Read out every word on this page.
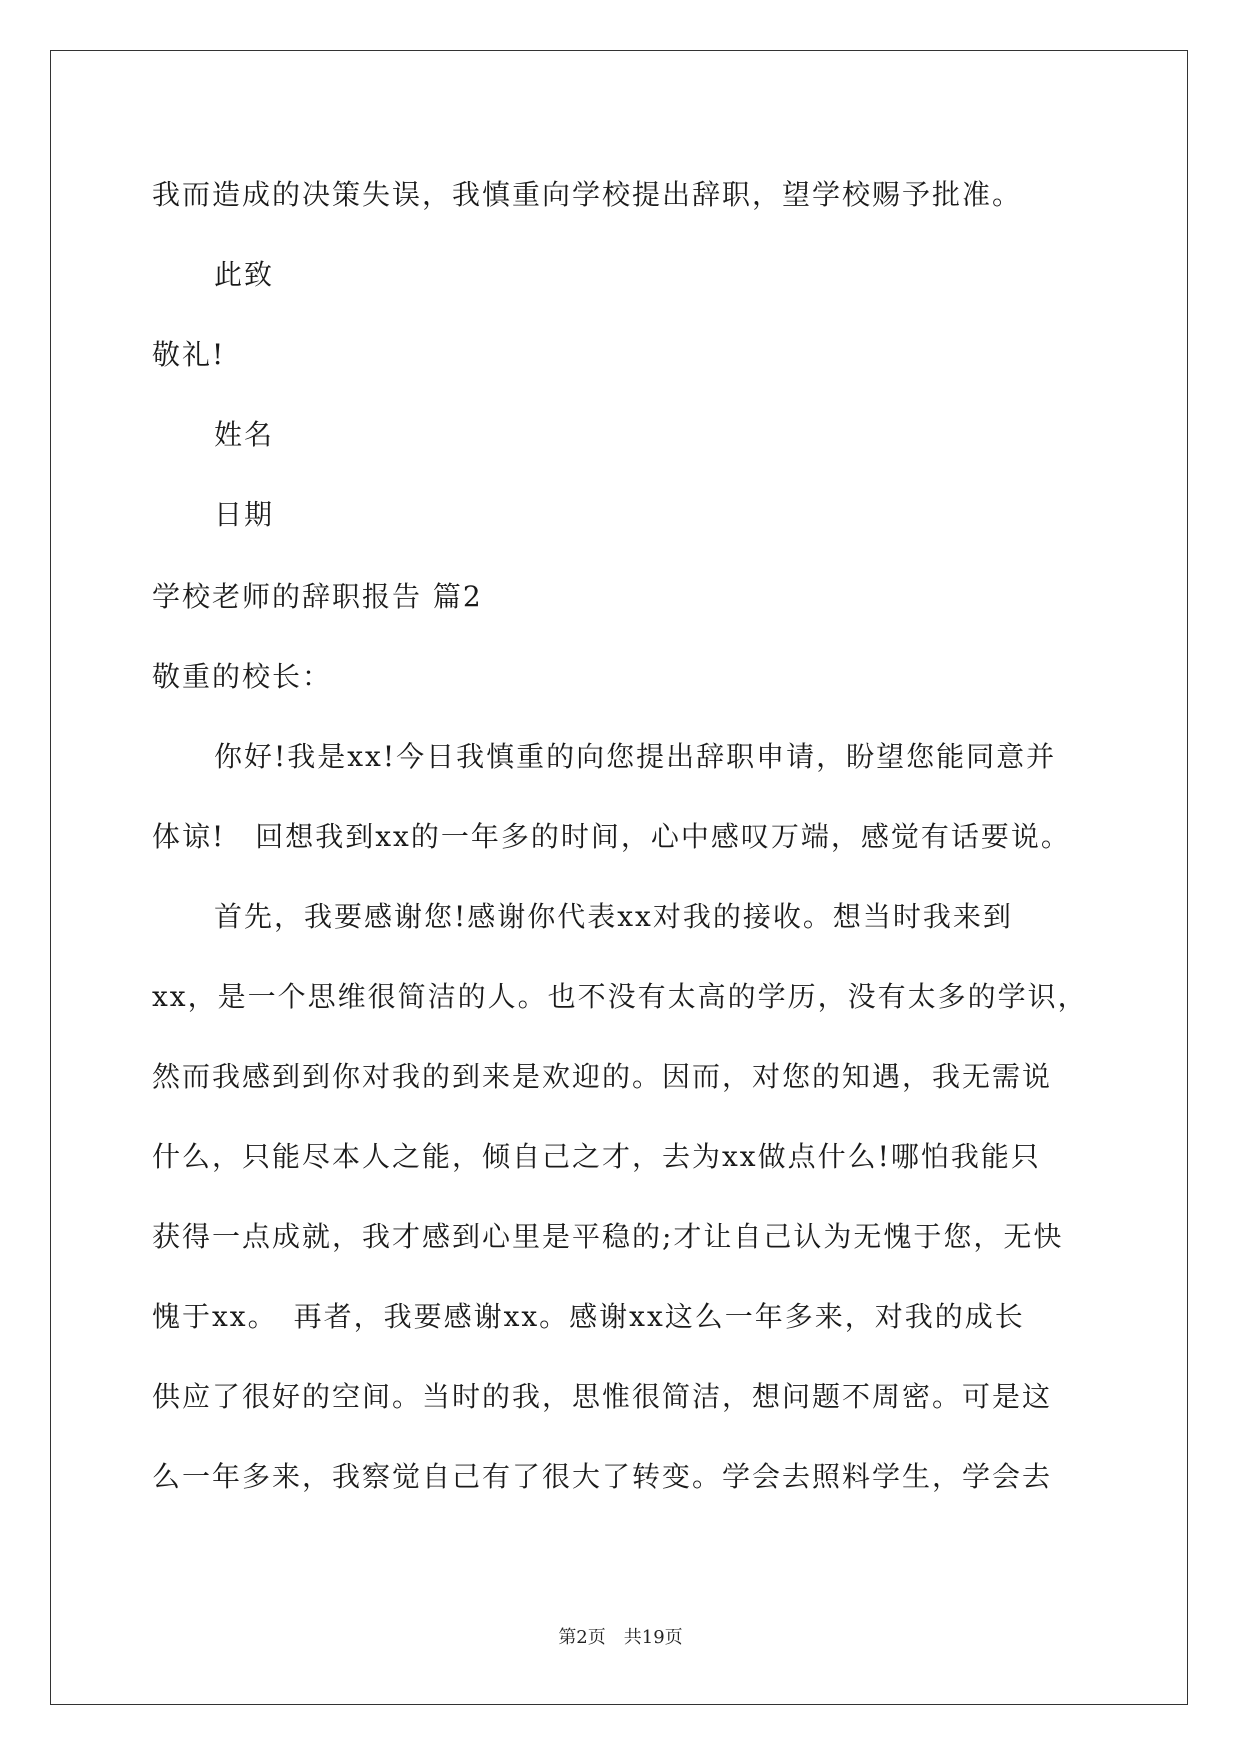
我而造成的决策失误，我慎重向学校提出辞职，望学校赐予批准。
此致
敬礼!
姓名
日期
学校老师的辞职报告 篇2
敬重的校长：
你好!我是xx!今日我慎重的向您提出辞职申请，盼望您能同意并
体谅!　回想我到xx的一年多的时间，心中感叹万端，感觉有话要说。
首先，我要感谢您!感谢你代表xx对我的接收。想当时我来到
xx，是一个思维很简洁的人。也不没有太高的学历，没有太多的学识，
然而我感到到你对我的到来是欢迎的。因而，对您的知遇，我无需说
什么，只能尽本人之能，倾自己之才，去为xx做点什么!哪怕我能只
获得一点成就，我才感到心里是平稳的;才让自己认为无愧于您，无快
愧于xx。　再者，我要感谢xx。感谢xx这么一年多来，对我的成长
供应了很好的空间。当时的我，思惟很简洁，想问题不周密。可是这
么一年多来，我察觉自己有了很大了转变。学会去照料学生，学会去
第2页 共19页
